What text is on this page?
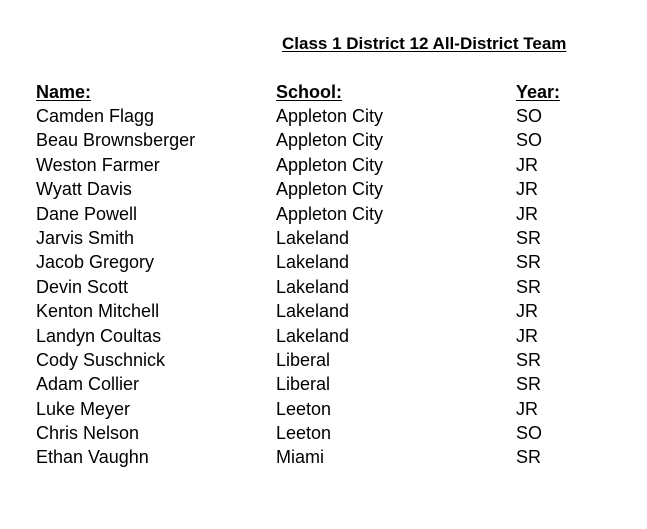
Class 1 District 12 All-District Team
Name:	School:	Year:
Camden Flagg	Appleton City	SO
Beau Brownsberger	Appleton City	SO
Weston Farmer	Appleton City	JR
Wyatt Davis	Appleton City	JR
Dane Powell	Appleton City	JR
Jarvis Smith	Lakeland	SR
Jacob Gregory	Lakeland	SR
Devin Scott	Lakeland	SR
Kenton Mitchell	Lakeland	JR
Landyn Coultas	Lakeland	JR
Cody Suschnick	Liberal	SR
Adam Collier	Liberal	SR
Luke Meyer	Leeton	JR
Chris Nelson	Leeton	SO
Ethan Vaughn	Miami	SR
